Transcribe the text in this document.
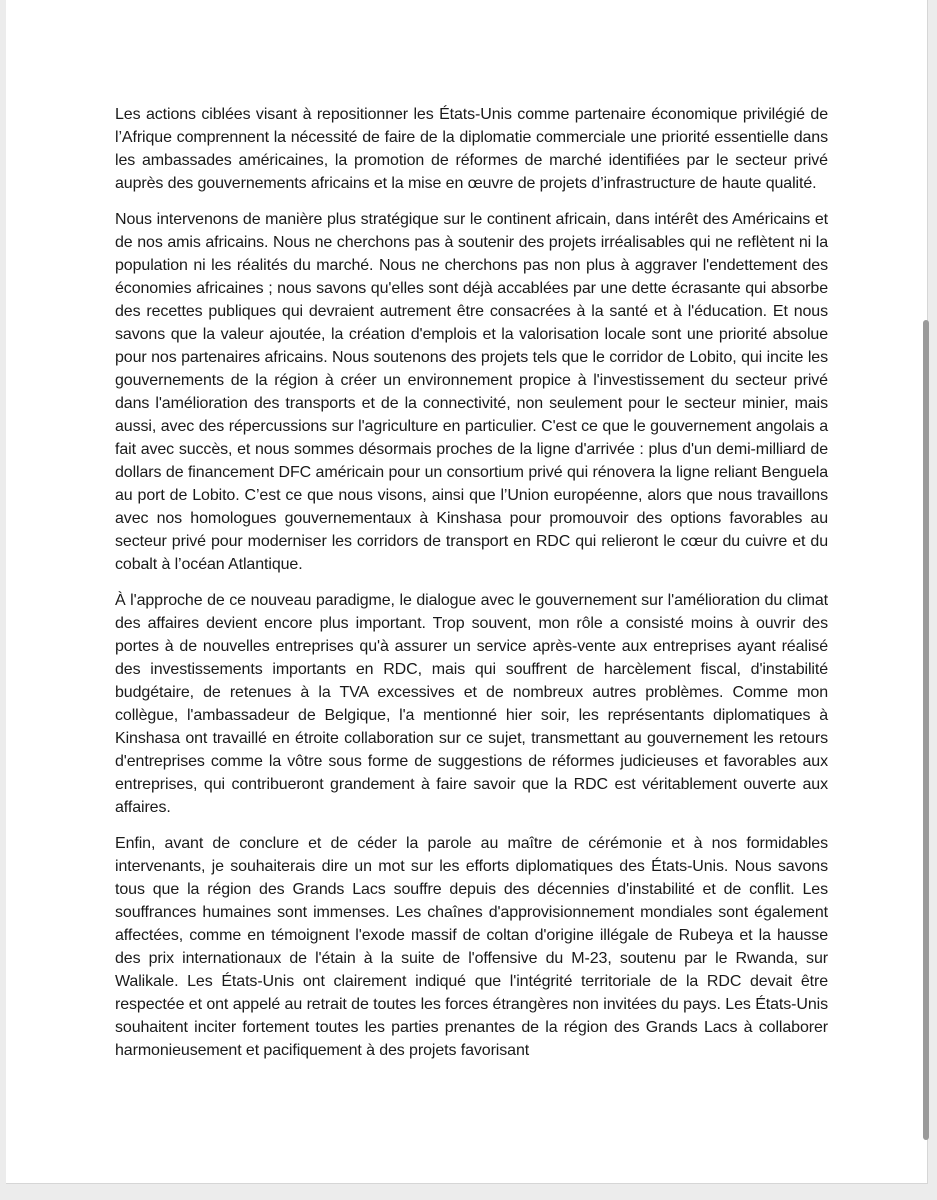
Les actions ciblées visant à repositionner les États-Unis comme partenaire économique privilégié de l’Afrique comprennent la nécessité de faire de la diplomatie commerciale une priorité essentielle dans les ambassades américaines, la promotion de réformes de marché identifiées par le secteur privé auprès des gouvernements africains et la mise en œuvre de projets d’infrastructure de haute qualité.

Nous intervenons de manière plus stratégique sur le continent africain, dans intérêt des Américains et de nos amis africains. Nous ne cherchons pas à soutenir des projets irréalisables qui ne reflètent ni la population ni les réalités du marché. Nous ne cherchons pas non plus à aggraver l'endettement des économies africaines ; nous savons qu'elles sont déjà accablées par une dette écrasante qui absorbe des recettes publiques qui devraient autrement être consacrées à la santé et à l'éducation. Et nous savons que la valeur ajoutée, la création d'emplois et la valorisation locale sont une priorité absolue pour nos partenaires africains. Nous soutenons des projets tels que le corridor de Lobito, qui incite les gouvernements de la région à créer un environnement propice à l'investissement du secteur privé dans l'amélioration des transports et de la connectivité, non seulement pour le secteur minier, mais aussi, avec des répercussions sur l'agriculture en particulier. C'est ce que le gouvernement angolais a fait avec succès, et nous sommes désormais proches de la ligne d'arrivée : plus d'un demi-milliard de dollars de financement DFC américain pour un consortium privé qui rénovera la ligne reliant Benguela au port de Lobito. C’est ce que nous visons, ainsi que l’Union européenne, alors que nous travaillons avec nos homologues gouvernementaux à Kinshasa pour promouvoir des options favorables au secteur privé pour moderniser les corridors de transport en RDC qui relieront le cœur du cuivre et du cobalt à l’océan Atlantique.

À l'approche de ce nouveau paradigme, le dialogue avec le gouvernement sur l'amélioration du climat des affaires devient encore plus important. Trop souvent, mon rôle a consisté moins à ouvrir des portes à de nouvelles entreprises qu'à assurer un service après-vente aux entreprises ayant réalisé des investissements importants en RDC, mais qui souffrent de harcèlement fiscal, d'instabilité budgétaire, de retenues à la TVA excessives et de nombreux autres problèmes. Comme mon collègue, l'ambassadeur de Belgique, l'a mentionné hier soir, les représentants diplomatiques à Kinshasa ont travaillé en étroite collaboration sur ce sujet, transmettant au gouvernement les retours d'entreprises comme la vôtre sous forme de suggestions de réformes judicieuses et favorables aux entreprises, qui contribueront grandement à faire savoir que la RDC est véritablement ouverte aux affaires.

Enfin, avant de conclure et de céder la parole au maître de cérémonie et à nos formidables intervenants, je souhaiterais dire un mot sur les efforts diplomatiques des États-Unis. Nous savons tous que la région des Grands Lacs souffre depuis des décennies d'instabilité et de conflit. Les souffrances humaines sont immenses. Les chaînes d'approvisionnement mondiales sont également affectées, comme en témoignent l'exode massif de coltan d'origine illégale de Rubeya et la hausse des prix internationaux de l'étain à la suite de l'offensive du M-23, soutenu par le Rwanda, sur Walikale. Les États-Unis ont clairement indiqué que l'intégrité territoriale de la RDC devait être respectée et ont appelé au retrait de toutes les forces étrangères non invitées du pays. Les États-Unis souhaitent inciter fortement toutes les parties prenantes de la région des Grands Lacs à collaborer harmonieusement et pacifiquement à des projets favorisant
